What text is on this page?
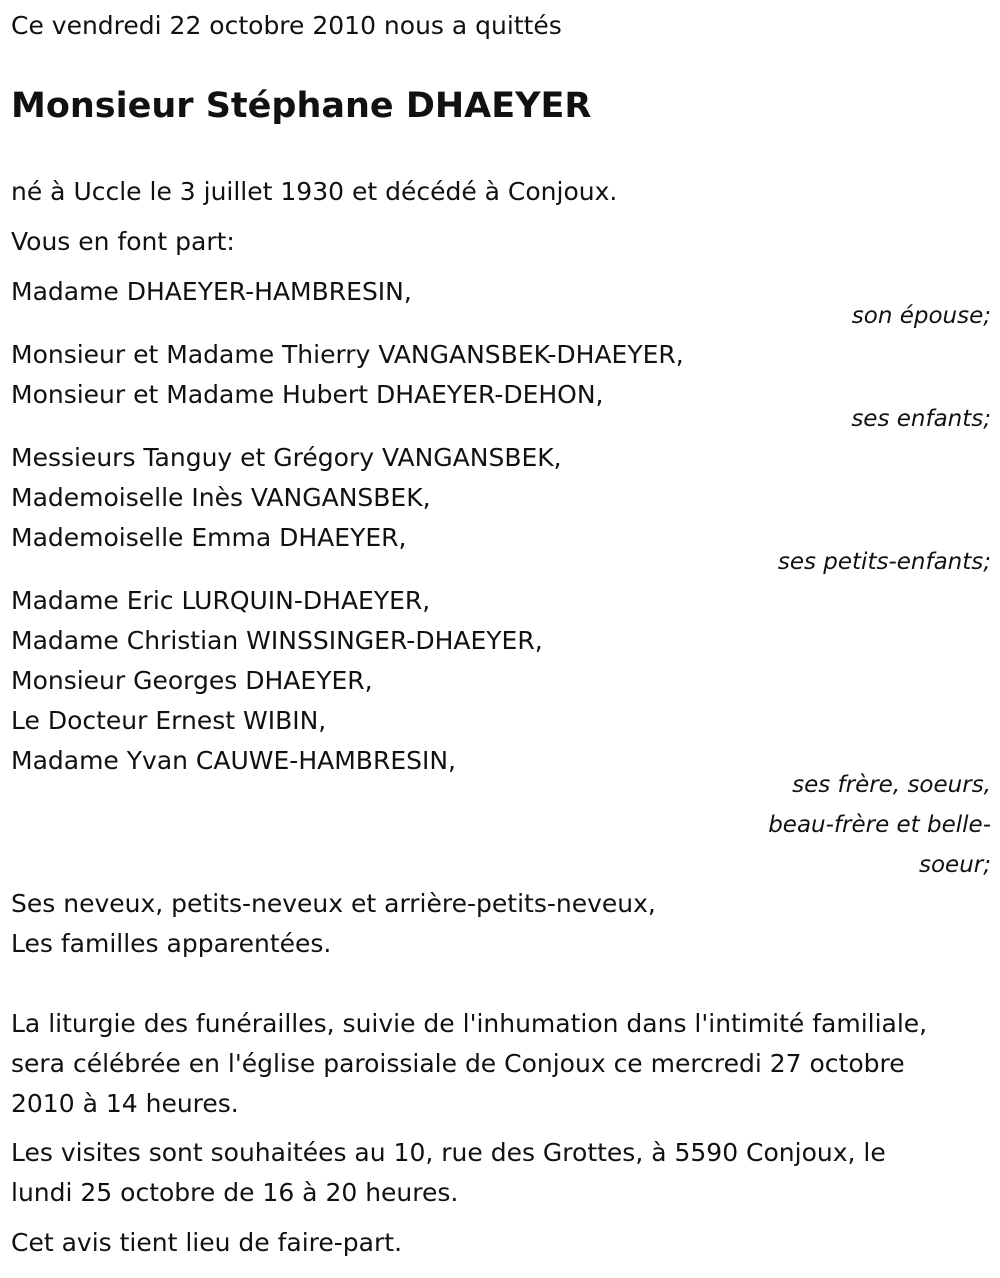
Ce vendredi 22 octobre 2010 nous a quittés
Monsieur Stéphane DHAEYER
né à Uccle le 3 juillet 1930 et décédé à Conjoux.
Vous en font part:
Madame DHAEYER-HAMBRESIN,
son épouse;
Monsieur et Madame Thierry VANGANSBEK-DHAEYER,
Monsieur et Madame Hubert DHAEYER-DEHON,
ses enfants;
Messieurs Tanguy et Grégory VANGANSBEK,
Mademoiselle Inès VANGANSBEK,
Mademoiselle Emma DHAEYER,
ses petits-enfants;
Madame Eric LURQUIN-DHAEYER,
Madame Christian WINSSINGER-DHAEYER,
Monsieur Georges DHAEYER,
Le Docteur Ernest WIBIN,
Madame Yvan CAUWE-HAMBRESIN,
ses frère, soeurs,
beau-frère et belle-
soeur;
Ses neveux, petits-neveux et arrière-petits-neveux,
Les familles apparentées.
La liturgie des funérailles, suivie de l'inhumation dans l'intimité familiale,
sera célébrée en l'église paroissiale de Conjoux ce mercredi 27 octobre
2010 à 14 heures.
Les visites sont souhaitées au 10, rue des Grottes, à 5590 Conjoux, le
lundi 25 octobre de 16 à 20 heures.
Cet avis tient lieu de faire-part.
